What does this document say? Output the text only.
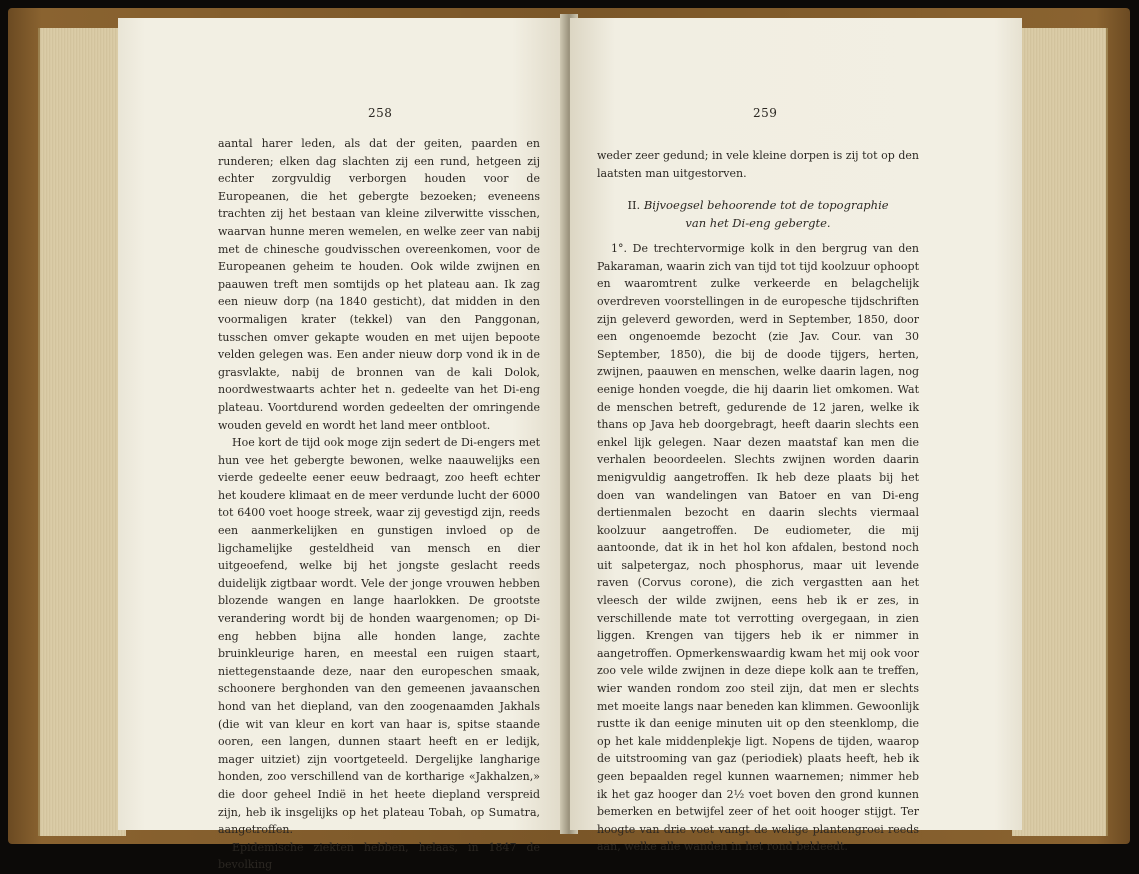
258

aantal harer leden, als dat der geiten, paarden en runderen; elken dag slachten zij een rund, hetgeen zij echter zorgvuldig verborgen houden voor de Europeanen, die het gebergte bezoeken; eveneens trachten zij het bestaan van kleine zilverwitte visschen, waarvan hunne meren wemelen, en welke zeer van nabij met de chinesche goudvisschen overeenkomen, voor de Europeanen geheim te houden. Ook wilde zwijnen en paauwen treft men somtijds op het plateau aan. Ik zag een nieuw dorp (na 1840 gesticht), dat midden in den voormaligen krater (tekkel) van den Panggonan, tusschen omver gekapte wouden en met uijen bepoote velden gelegen was. Een ander nieuw dorp vond ik in de grasvlakte, nabij de bronnen van de kali Dolok, noordwestwaarts achter het n. gedeelte van het Di-eng plateau. Voortdurend worden gedeelten der omringende wouden geveld en wordt het land meer ontbloot.

Hoe kort de tijd ook moge zijn sedert de Di-engers met hun vee het gebergte bewonen, welke naauwelijks een vierde gedeelte eener eeuw bedraagt, zoo heeft echter het koudere klimaat en de meer verdunde lucht der 6000 tot 6400 voet hooge streek, waar zij gevestigd zijn, reeds een aanmerkelijken en gunstigen invloed op de ligchamelijke gesteldheid van mensch en dier uitgeoefend, welke bij het jongste geslacht reeds duidelijk zigtbaar wordt. Vele der jonge vrouwen hebben blozende wangen en lange haarlokken. De grootste verandering wordt bij de honden waargenomen; op Di-eng hebben bijna alle honden lange, zachte bruinkleurige haren, en meestal een ruigen staart, niettegenstaande deze, naar den europeschen smaak, schoonere berghonden van den gemeenen javaanschen hond van het diepland, van den zoogenaamden Jakhals (die wit van kleur en kort van haar is, spitse staande ooren, een langen, dunnen staart heeft en er ledijk, mager uitziet) zijn voortgeteeld. Dergelijke langharige honden, zoo verschillend van de kortharige «Jakhalzen,» die door geheel Indië in het heete diepland verspreid zijn, heb ik insgelijks op het plateau Tobah, op Sumatra, aangetroffen.

Epidemische ziekten hebben, helaas, in 1847 de bevolking

259

weder zeer gedund; in vele kleine dorpen is zij tot op den laatsten man uitgestorven.

II. Bijvoegsel behoorende tot de topographie
van het Di-eng gebergte.

1°. De trechtervormige kolk in den bergrug van den Pakaraman, waarin zich van tijd tot tijd koolzuur ophoopt en waaromtrent zulke verkeerde en belagchelijk overdreven voorstellingen in de europesche tijdschriften zijn geleverd geworden, werd in September, 1850, door een ongenoemde bezocht (zie Jav. Cour. van 30 September, 1850), die bij de doode tijgers, herten, zwijnen, paauwen en menschen, welke daarin lagen, nog eenige honden voegde, die hij daarin liet omkomen. Wat de menschen betreft, gedurende de 12 jaren, welke ik thans op Java heb doorgebragt, heeft daarin slechts een enkel lijk gelegen. Naar dezen maatstaf kan men die verhalen beoordeelen. Slechts zwijnen worden daarin menigvuldig aangetroffen. Ik heb deze plaats bij het doen van wandelingen van Batoer en van Di-eng dertienmalen bezocht en daarin slechts viermaal koolzuur aangetroffen. De eudiometer, die mij aantoonde, dat ik in het hol kon afdalen, bestond noch uit salpetergaz, noch phosphorus, maar uit levende raven (Corvus corone), die zich vergastten aan het vleesch der wilde zwijnen, eens heb ik er zes, in verschillende mate tot verrotting overgegaan, in zien liggen. Krengen van tijgers heb ik er nimmer in aangetroffen. Opmerkenswaardig kwam het mij ook voor zoo vele wilde zwijnen in deze diepe kolk aan te treffen, wier wanden rondom zoo steil zijn, dat men er slechts met moeite langs naar beneden kan klimmen. Gewoonlijk rustte ik dan eenige minuten uit op den steenklomp, die op het kale middenplekje ligt. Nopens de tijden, waarop de uitstrooming van gaz (periodiek) plaats heeft, heb ik geen bepaalden regel kunnen waarnemen; nimmer heb ik het gaz hooger dan 2½ voet boven den grond kunnen bemerken en betwijfel zeer of het ooit hooger stijgt. Ter hoogte van drie voet vangt de welige plantengroei reeds aan, welke alle wanden in het rond bekleedt.
